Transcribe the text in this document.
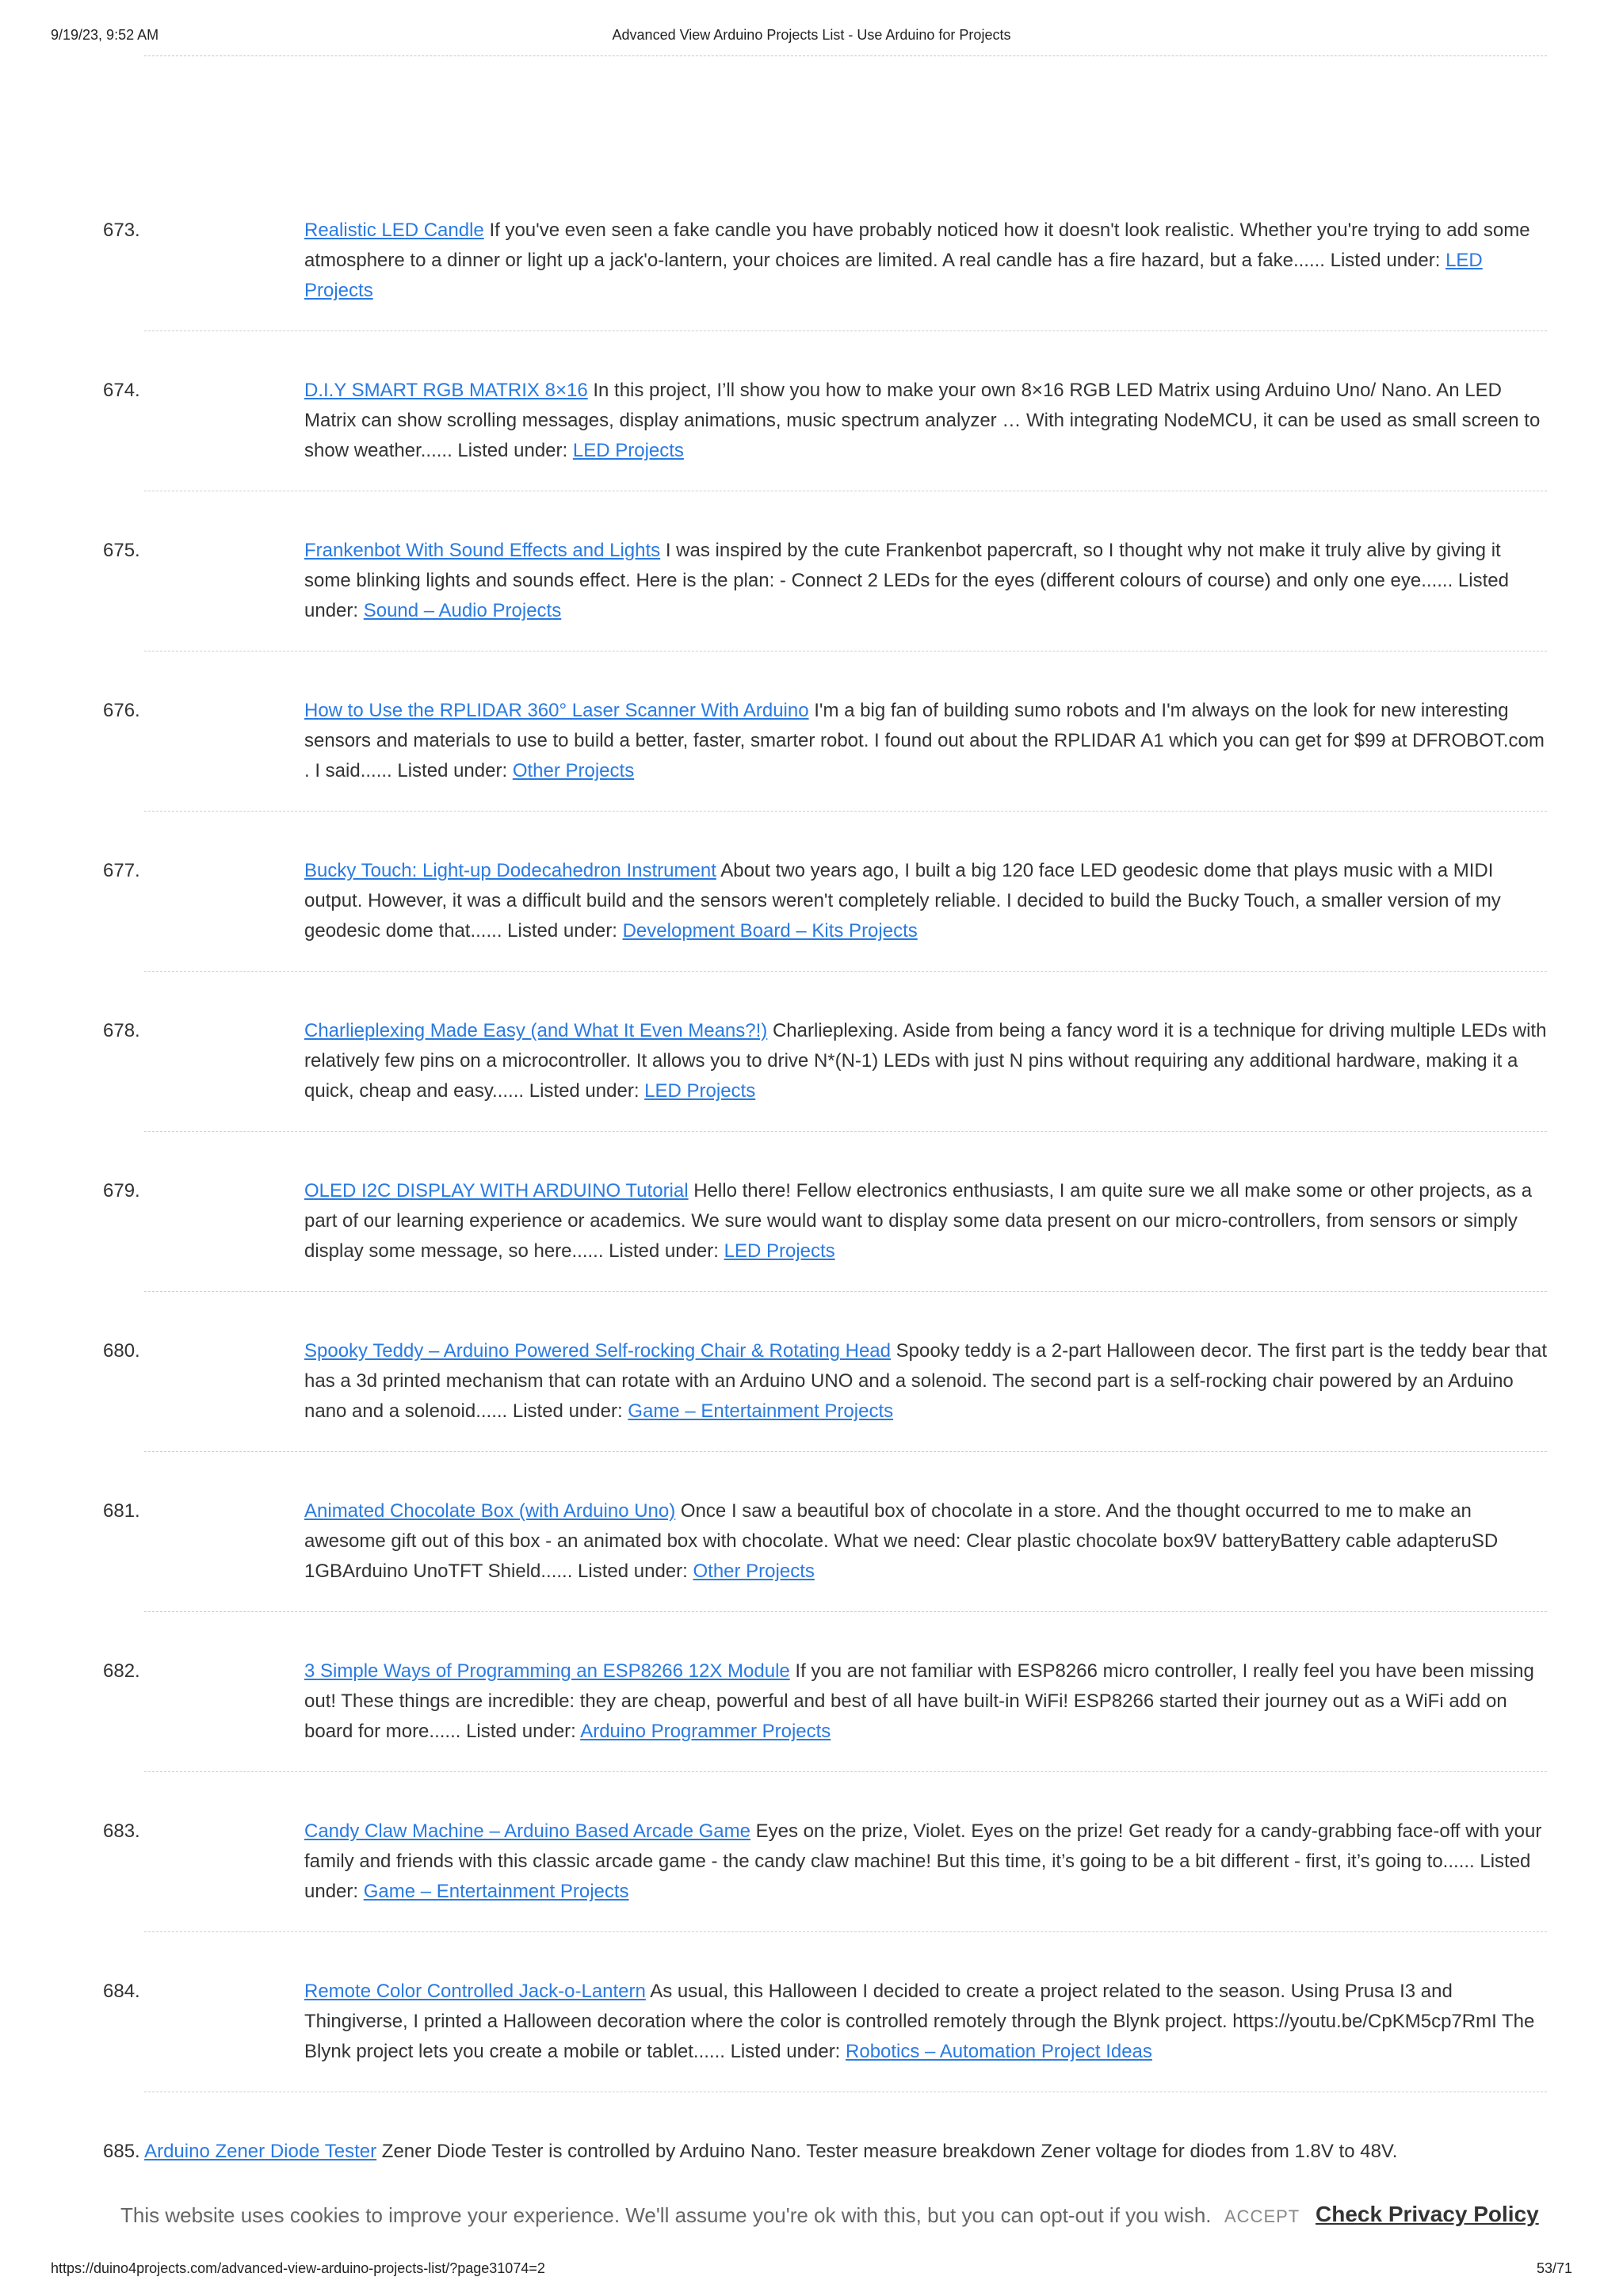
9/19/23, 9:52 AM	Advanced View Arduino Projects List - Use Arduino for Projects
673.	Realistic LED Candle If you've even seen a fake candle you have probably noticed how it doesn't look realistic. Whether you're trying to add some atmosphere to a dinner or light up a jack'o-lantern, your choices are limited. A real candle has a fire hazard, but a fake...... Listed under: LED Projects
674.	D.I.Y SMART RGB MATRIX 8×16 In this project, I’ll show you how to make your own 8×16 RGB LED Matrix using Arduino Uno/ Nano. An LED Matrix can show scrolling messages, display animations, music spectrum analyzer … With integrating NodeMCU, it can be used as small screen to show weather...... Listed under: LED Projects
675.	Frankenbot With Sound Effects and Lights I was inspired by the cute Frankenbot papercraft, so I thought why not make it truly alive by giving it some blinking lights and sounds effect. Here is the plan: - Connect 2 LEDs for the eyes (different colours of course) and only one eye...... Listed under: Sound – Audio Projects
676.	How to Use the RPLIDAR 360° Laser Scanner With Arduino I'm a big fan of building sumo robots and I'm always on the look for new interesting sensors and materials to use to build a better, faster, smarter robot. I found out about the RPLIDAR A1 which you can get for $99 at DFROBOT.com . I said...... Listed under: Other Projects
677.	Bucky Touch: Light-up Dodecahedron Instrument About two years ago, I built a big 120 face LED geodesic dome that plays music with a MIDI output. However, it was a difficult build and the sensors weren't completely reliable. I decided to build the Bucky Touch, a smaller version of my geodesic dome that...... Listed under: Development Board – Kits Projects
678.	Charlieplexing Made Easy (and What It Even Means?!) Charlieplexing. Aside from being a fancy word it is a technique for driving multiple LEDs with relatively few pins on a microcontroller. It allows you to drive N*(N-1) LEDs with just N pins without requiring any additional hardware, making it a quick, cheap and easy...... Listed under: LED Projects
679.	OLED I2C DISPLAY WITH ARDUINO Tutorial Hello there! Fellow electronics enthusiasts, I am quite sure we all make some or other projects, as a part of our learning experience or academics. We sure would want to display some data present on our micro-controllers, from sensors or simply display some message, so here...... Listed under: LED Projects
680.	Spooky Teddy – Arduino Powered Self-rocking Chair & Rotating Head Spooky teddy is a 2-part Halloween decor. The first part is the teddy bear that has a 3d printed mechanism that can rotate with an Arduino UNO and a solenoid. The second part is a self-rocking chair powered by an Arduino nano and a solenoid...... Listed under: Game – Entertainment Projects
681.	Animated Chocolate Box (with Arduino Uno) Once I saw a beautiful box of chocolate in a store. And the thought occurred to me to make an awesome gift out of this box - an animated box with chocolate. What we need: Clear plastic chocolate box9V batteryBattery cable adapteruSD 1GBArduino UnoTFT Shield...... Listed under: Other Projects
682.	3 Simple Ways of Programming an ESP8266 12X Module If you are not familiar with ESP8266 micro controller, I really feel you have been missing out! These things are incredible: they are cheap, powerful and best of all have built-in WiFi! ESP8266 started their journey out as a WiFi add on board for more...... Listed under: Arduino Programmer Projects
683.	Candy Claw Machine – Arduino Based Arcade Game Eyes on the prize, Violet. Eyes on the prize! Get ready for a candy-grabbing face-off with your family and friends with this classic arcade game - the candy claw machine! But this time, it’s going to be a bit different - first, it’s going to...... Listed under: Game – Entertainment Projects
684.	Remote Color Controlled Jack-o-Lantern As usual, this Halloween I decided to create a project related to the season. Using Prusa I3 and Thingiverse, I printed a Halloween decoration where the color is controlled remotely through the Blynk project. https://youtu.be/CpKM5cp7RmI The Blynk project lets you create a mobile or tablet...... Listed under: Robotics – Automation Project Ideas
685. Arduino Zener Diode Tester Zener Diode Tester is controlled by Arduino Nano. Tester measure breakdown Zener voltage for diodes from 1.8V to 48V.
This website uses cookies to improve your experience. We'll assume you're ok with this, but you can opt-out if you wish. ACCEPT Check Privacy Policy
https://duino4projects.com/advanced-view-arduino-projects-list/?page31074=2	53/71
